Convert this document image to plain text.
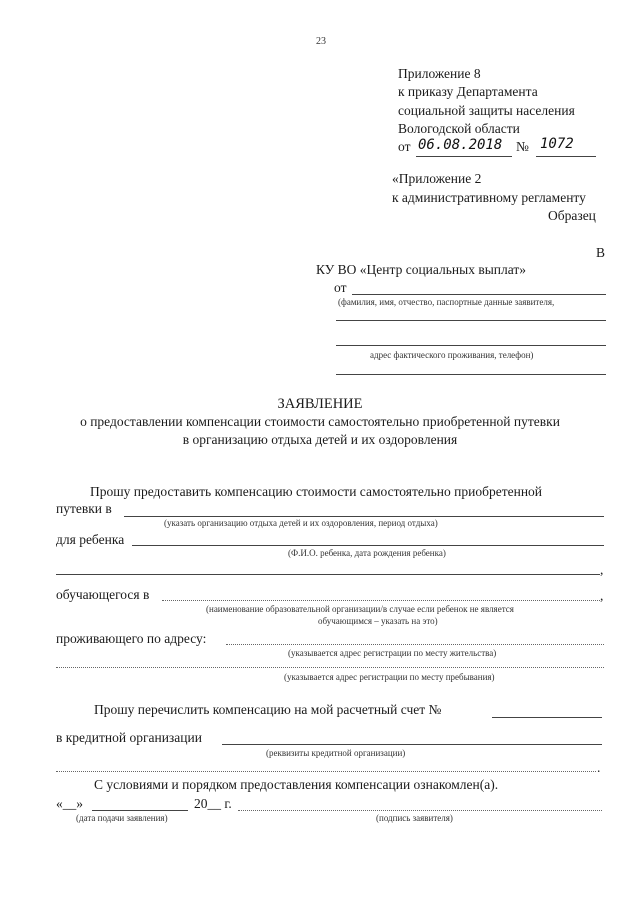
23
Приложение 8
к приказу Департамента
социальной защиты населения
Вологодской области
от 06.08.2018 № 1072
«Приложение 2
к административному регламенту
Образец
В
КУ ВО «Центр социальных выплат»
от
(фамилия, имя, отчество, паспортные данные заявителя,
адрес фактического проживания, телефон)
ЗАЯВЛЕНИЕ
о предоставлении компенсации стоимости самостоятельно приобретенной путевки
в организацию отдыха детей и их оздоровления
Прошу предоставить компенсацию стоимости самостоятельно приобретенной
путевки в
(указать организацию отдыха детей и их оздоровления, период отдыха)
для ребенка
(Ф.И.О. ребенка, дата рождения ребенка)
,
обучающегося в	,
(наименование образовательной организации/в случае если ребенок не является
обучающимся – указать на это)
проживающего по адресу:
(указывается адрес регистрации по месту жительства)
(указывается адрес регистрации по месту пребывания)
Прошу перечислить компенсацию на мой расчетный счет №
в кредитной организации
(реквизиты кредитной организации)
.
С условиями и порядком предоставления компенсации ознакомлен(а).
«__»	20__ г.
(дата подачи заявления)	(подпись заявителя)
